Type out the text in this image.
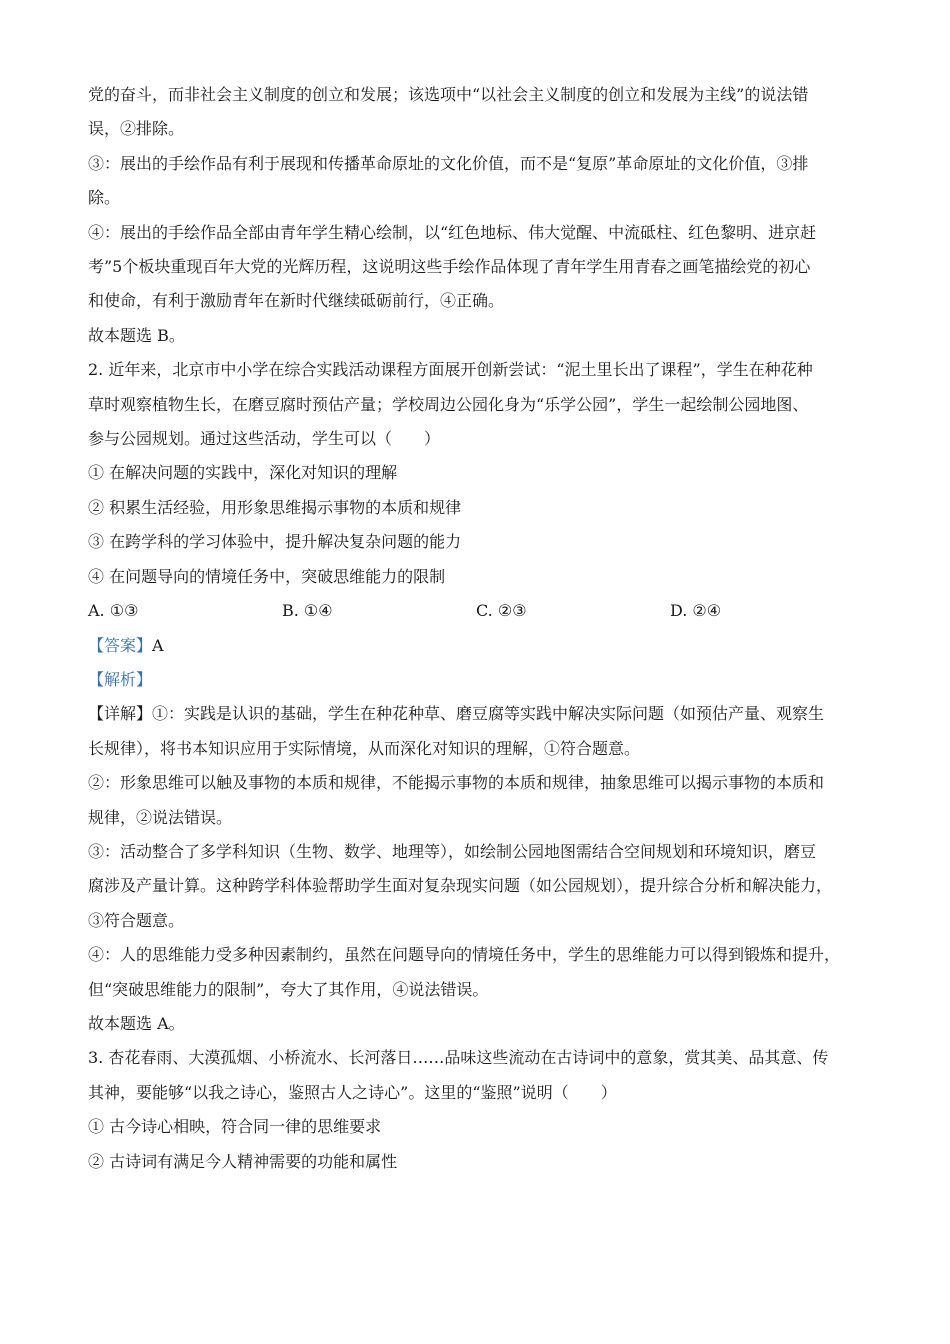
党的奋斗，而非社会主义制度的创立和发展；该选项中“以社会主义制度的创立和发展为主线”的说法错
误，②排除。
③：展出的手绘作品有利于展现和传播革命原址的文化价值，而不是“复原”革命原址的文化价值，③排
除。
④：展出的手绘作品全部由青年学生精心绘制，以“红色地标、伟大觉醒、中流砥柱、红色黎明、进京赶
考”5个板块重现百年大党的光辉历程，这说明这些手绘作品体现了青年学生用青春之画笔描绘党的初心
和使命，有利于激励青年在新时代继续砥砺前行，④正确。
故本题选 B。
2. 近年来，北京市中小学在综合实践活动课程方面展开创新尝试：“泥土里长出了课程”，学生在种花种
草时观察植物生长，在磨豆腐时预估产量；学校周边公园化身为“乐学公园”，学生一起绘制公园地图、
参与公园规划。通过这些活动，学生可以（　　）
① 在解决问题的实践中，深化对知识的理解
② 积累生活经验，用形象思维揭示事物的本质和规律
③ 在跨学科的学习体验中，提升解决复杂问题的能力
④ 在问题导向的情境任务中，突破思维能力的限制
A. ①③	B. ①④	C. ②③	D. ②④
【答案】A
【解析】
【详解】①：实践是认识的基础，学生在种花种草、磨豆腐等实践中解决实际问题（如预估产量、观察生
长规律），将书本知识应用于实际情境，从而深化对知识的理解，①符合题意。
②：形象思维可以触及事物的本质和规律，不能揭示事物的本质和规律，抽象思维可以揭示事物的本质和
规律，②说法错误。
③：活动整合了多学科知识（生物、数学、地理等），如绘制公园地图需结合空间规划和环境知识，磨豆
腐涉及产量计算。这种跨学科体验帮助学生面对复杂现实问题（如公园规划），提升综合分析和解决能力，
③符合题意。
④：人的思维能力受多种因素制约，虽然在问题导向的情境任务中，学生的思维能力可以得到锻炼和提升，
但“突破思维能力的限制”，夸大了其作用，④说法错误。
故本题选 A。
3. 杏花春雨、大漠孤烟、小桥流水、长河落日……品味这些流动在古诗词中的意象，赏其美、品其意、传
其神，要能够“以我之诗心，鉴照古人之诗心”。这里的“鉴照”说明（　　）
① 古今诗心相映，符合同一律的思维要求
② 古诗词有满足今人精神需要的功能和属性
